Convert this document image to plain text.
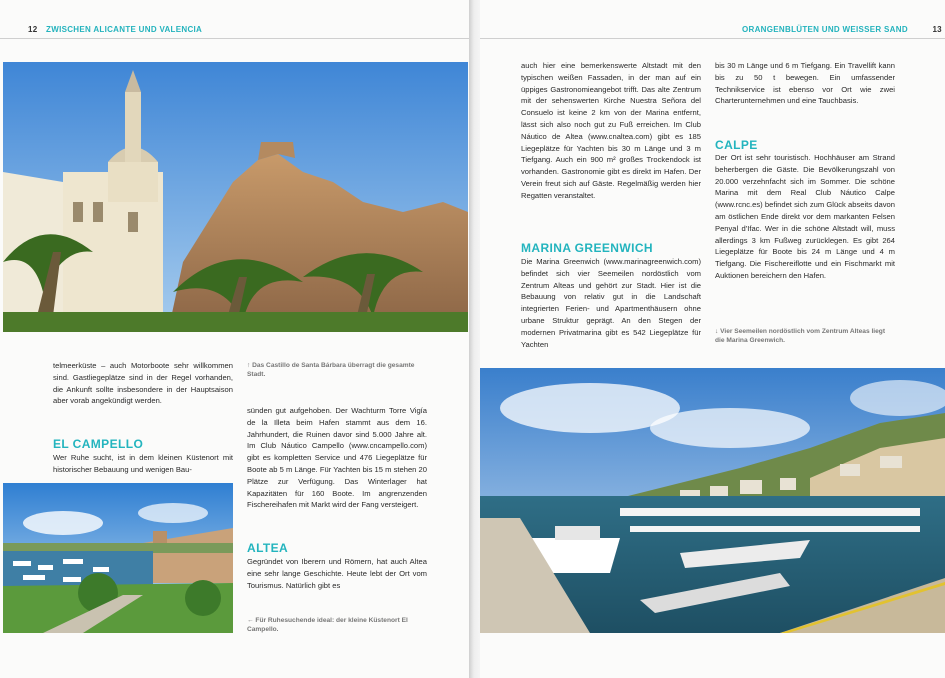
12 ZWISCHEN ALICANTE UND VALENCIA
telmeerküste – auch Motorboote sehr willkommen sind. Gastliegeplätze sind in der Regel vorhanden, die Ankunft sollte insbesondere in der Hauptsaison aber vorab angekündigt werden.
EL CAMPELLO
Wer Ruhe sucht, ist in dem kleinen Küstenort mit historischer Bebauung und wenigen Bau-
↑ Das Castillo de Santa Bárbara überragt die gesamte Stadt.
sünden gut aufgehoben. Der Wachturm Torre Vigía de la Illeta beim Hafen stammt aus dem 16. Jahrhundert, die Ruinen davor sind 5.000 Jahre alt. Im Club Náutico Campello (www.cncampello.com) gibt es kompletten Service und 476 Liegeplätze für Boote ab 5 m Länge. Für Yachten bis 15 m stehen 20 Plätze zur Verfügung. Das Winterlager hat Kapazitäten für 160 Boote. Im angrenzenden Fischereihafen mit Markt wird der Fang versteigert.
ALTEA
Gegründet von Iberern und Römern, hat auch Altea eine sehr lange Geschichte. Heute lebt der Ort vom Tourismus. Natürlich gibt es
← Für Ruhesuchende ideal: der kleine Küstenort El Campello.
ORANGENBLÜTEN UND WEISSER SAND	13
auch hier eine bemerkenswerte Altstadt mit den typischen weißen Fassaden, in der man auf ein üppiges Gastronomieangebot trifft. Das alte Zentrum mit der sehenswerten Kirche Nuestra Señora del Consuelo ist keine 2 km von der Marina entfernt, lässt sich also noch gut zu Fuß erreichen. Im Club Náutico de Altea (www.cnaltea.com) gibt es 185 Liegeplätze für Yachten bis 30 m Länge und 3 m Tiefgang. Auch ein 900 m² großes Trockendock ist vorhanden. Gastronomie gibt es direkt im Hafen. Der Verein freut sich auf Gäste. Regelmäßig werden hier Regatten veranstaltet.
MARINA GREENWICH
Die Marina Greenwich (www.marinagreenwich.com) befindet sich vier Seemeilen nordöstlich vom Zentrum Alteas und gehört zur Stadt. Hier ist die Bebauung von relativ gut in die Landschaft integrierten Ferien- und Apartmenthäusern ohne urbane Struktur geprägt. An den Stegen der modernen Privatmarina gibt es 542 Liegeplätze für Yachten
bis 30 m Länge und 6 m Tiefgang. Ein Travellift kann bis zu 50 t bewegen. Ein umfassender Technikservice ist ebenso vor Ort wie zwei Charterunternehmen und eine Tauchbasis.
CALPE
Der Ort ist sehr touristisch. Hochhäuser am Strand beherbergen die Gäste. Die Bevölkerungszahl von 20.000 verzehnfacht sich im Sommer. Die schöne Marina mit dem Real Club Náutico Calpe (www.rcnc.es) befindet sich zum Glück abseits davon am östlichen Ende direkt vor dem markanten Felsen Penyal d'Ifac. Wer in die schöne Altstadt will, muss allerdings 3 km Fußweg zurücklegen. Es gibt 264 Liegeplätze für Boote bis 24 m Länge und 4 m Tiefgang. Die Fischereiflotte und ein Fischmarkt mit Auktionen bereichern den Hafen.
↓ Vier Seemeilen nordöstlich vom Zentrum Alteas liegt die Marina Greenwich.
